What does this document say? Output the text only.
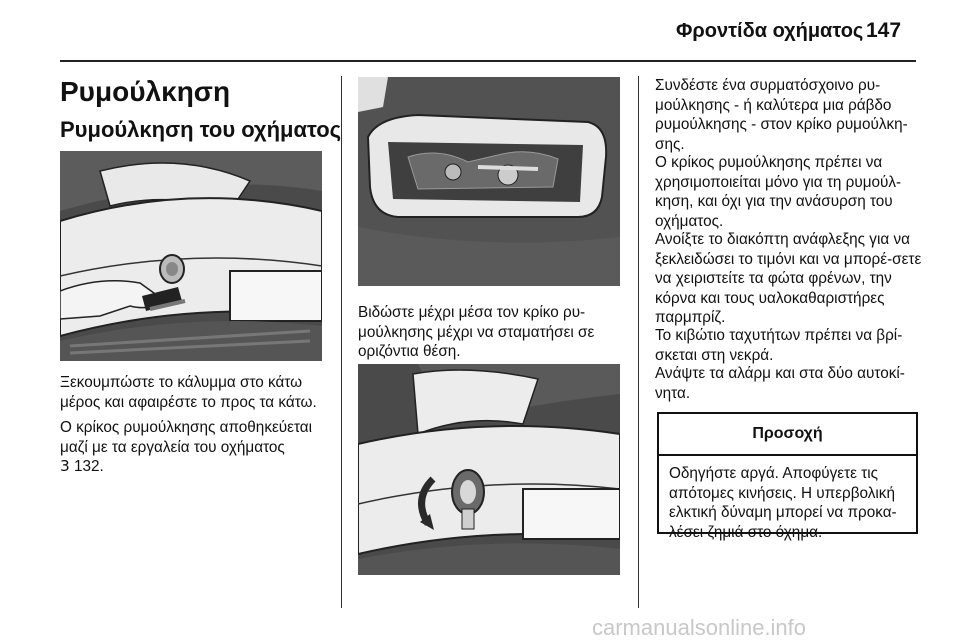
Φροντίδα οχήματος 147
Ρυμούλκηση
Ρυμούλκηση του οχήματος
Ξεκουμπώστε το κάλυμμα στο κάτω μέρος και αφαιρέστε το προς τα κάτω.
Ο κρίκος ρυμούλκησης αποθηκεύεται μαζί με τα εργαλεία του οχήματος
3 132.
Βιδώστε μέχρι μέσα τον κρίκο ρυ-μούλκησης μέχρι να σταματήσει σε οριζόντια θέση.
Συνδέστε ένα συρματόσχοινο ρυ-μούλκησης - ή καλύτερα μια ράβδο ρυμούλκησης - στον κρίκο ρυμούλκη-σης.
Ο κρίκος ρυμούλκησης πρέπει να χρησιμοποιείται μόνο για τη ρυμούλ-κηση, και όχι για την ανάσυρση του οχήματος.
Ανοίξτε το διακόπτη ανάφλεξης για να ξεκλειδώσει το τιμόνι και να μπορέ-σετε να χειριστείτε τα φώτα φρένων, την κόρνα και τους υαλοκαθαριστήρες παρμπρίζ.
Το κιβώτιο ταχυτήτων πρέπει να βρί-σκεται στη νεκρά.
Ανάψτε τα αλάρμ και στα δύο αυτοκί-νητα.
Προσοχή
Οδηγήστε αργά. Αποφύγετε τις απότομες κινήσεις. Η υπερβολική ελκτική δύναμη μπορεί να προκα-λέσει ζημιά στο όχημα.
carmanualsonline.info
